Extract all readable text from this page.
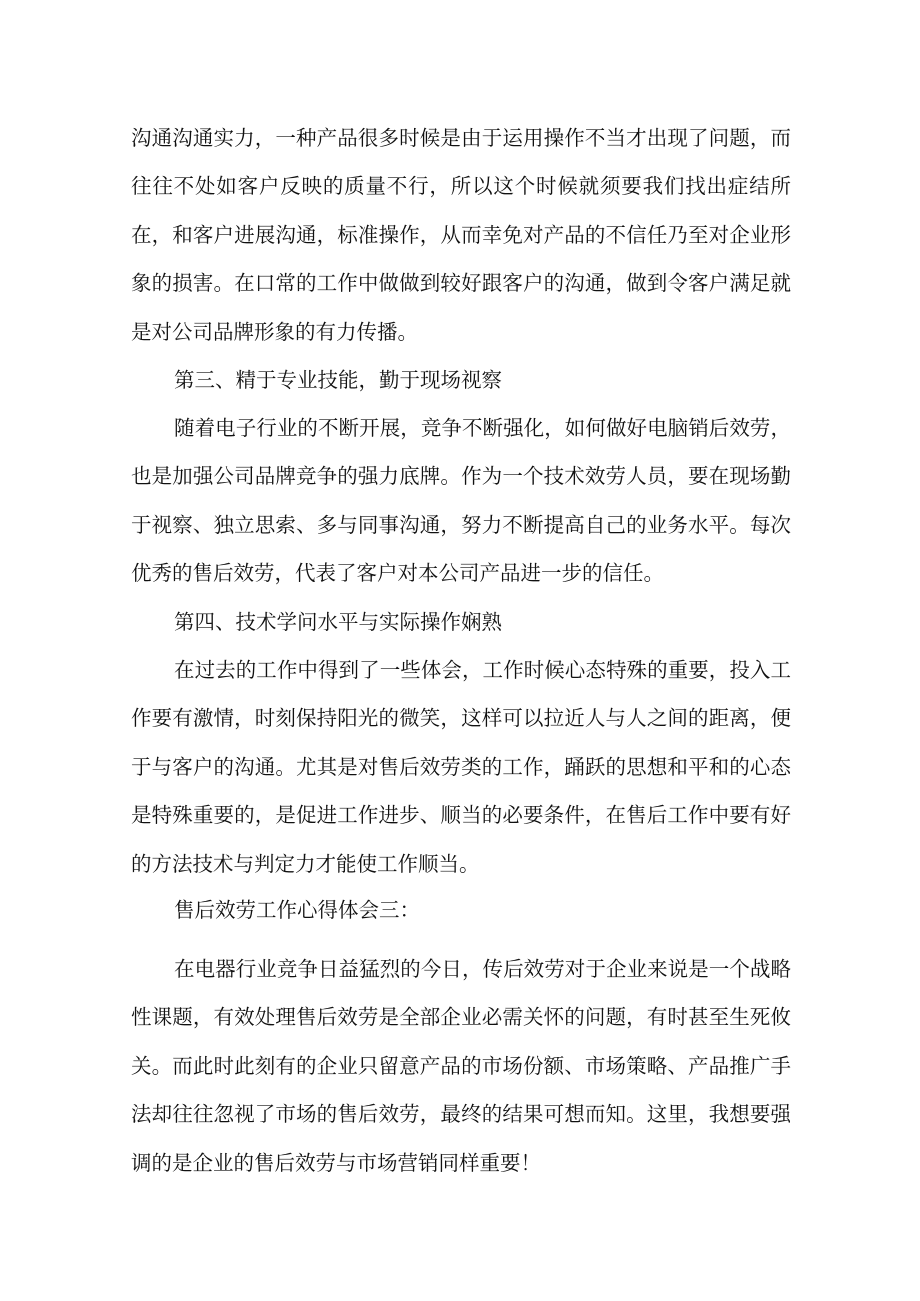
沟通沟通实力，一种产品很多时候是由于运用操作不当才出现了问题，而往往不处如客户反映的质量不行，所以这个时候就须要我们找出症结所在，和客户进展沟通，标准操作，从而幸免对产品的不信任乃至对企业形象的损害。在口常的工作中做做到较好跟客户的沟通，做到令客户满足就是对公司品牌形象的有力传播。

第三、精于专业技能，勤于现场视察

随着电子行业的不断开展，竞争不断强化，如何做好电脑销后效劳，也是加强公司品牌竞争的强力底牌。作为一个技术效劳人员，要在现场勤于视察、独立思索、多与同事沟通，努力不断提高自己的业务水平。每次优秀的售后效劳，代表了客户对本公司产品进一步的信任。

第四、技术学问水平与实际操作娴熟

在过去的工作中得到了一些体会，工作时候心态特殊的重要，投入工作要有激情，时刻保持阳光的微笑，这样可以拉近人与人之间的距离，便于与客户的沟通。尤其是对售后效劳类的工作，踊跃的思想和平和的心态是特殊重要的，是促进工作进步、顺当的必要条件，在售后工作中要有好的方法技术与判定力才能使工作顺当。

售后效劳工作心得体会三：

在电器行业竞争日益猛烈的今日，传后效劳对于企业来说是一个战略性课题，有效处理售后效劳是全部企业必需关怀的问题，有时甚至生死攸关。而此时此刻有的企业只留意产品的市场份额、市场策略、产品推广手法却往往忽视了市场的售后效劳，最终的结果可想而知。这里，我想要强调的是企业的售后效劳与市场营销同样重要！
